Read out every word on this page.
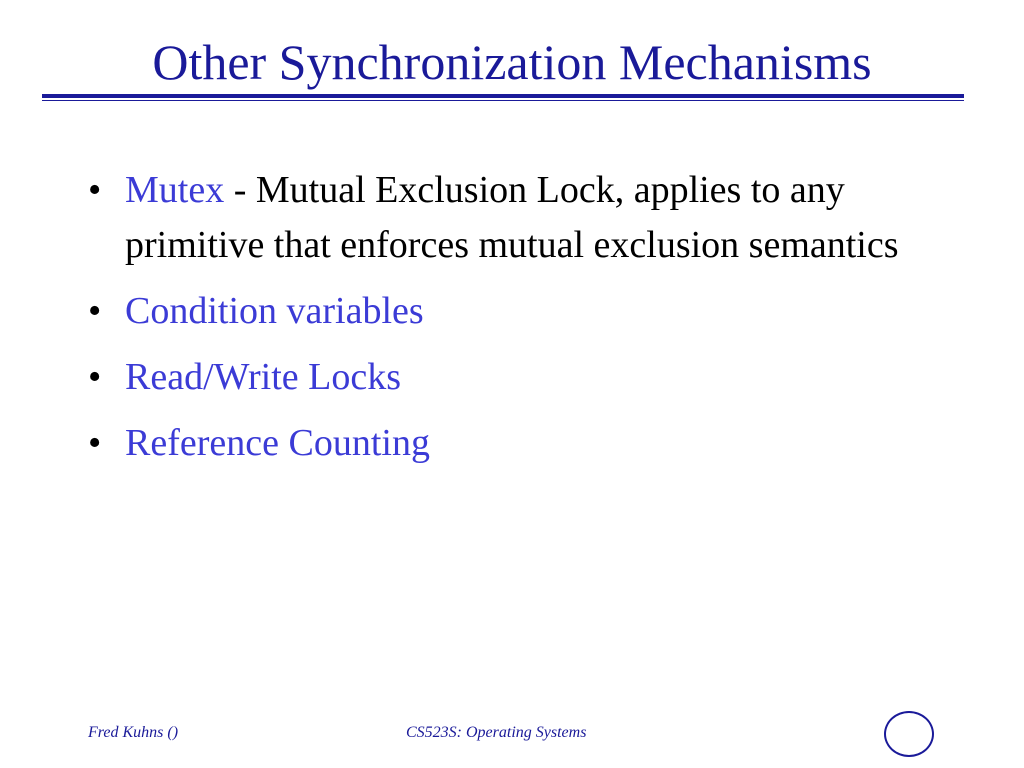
Other Synchronization Mechanisms
• Mutex - Mutual Exclusion Lock, applies to any primitive that enforces mutual exclusion semantics
• Condition variables
• Read/Write Locks
• Reference Counting
Fred Kuhns ()	CS523S: Operating Systems
